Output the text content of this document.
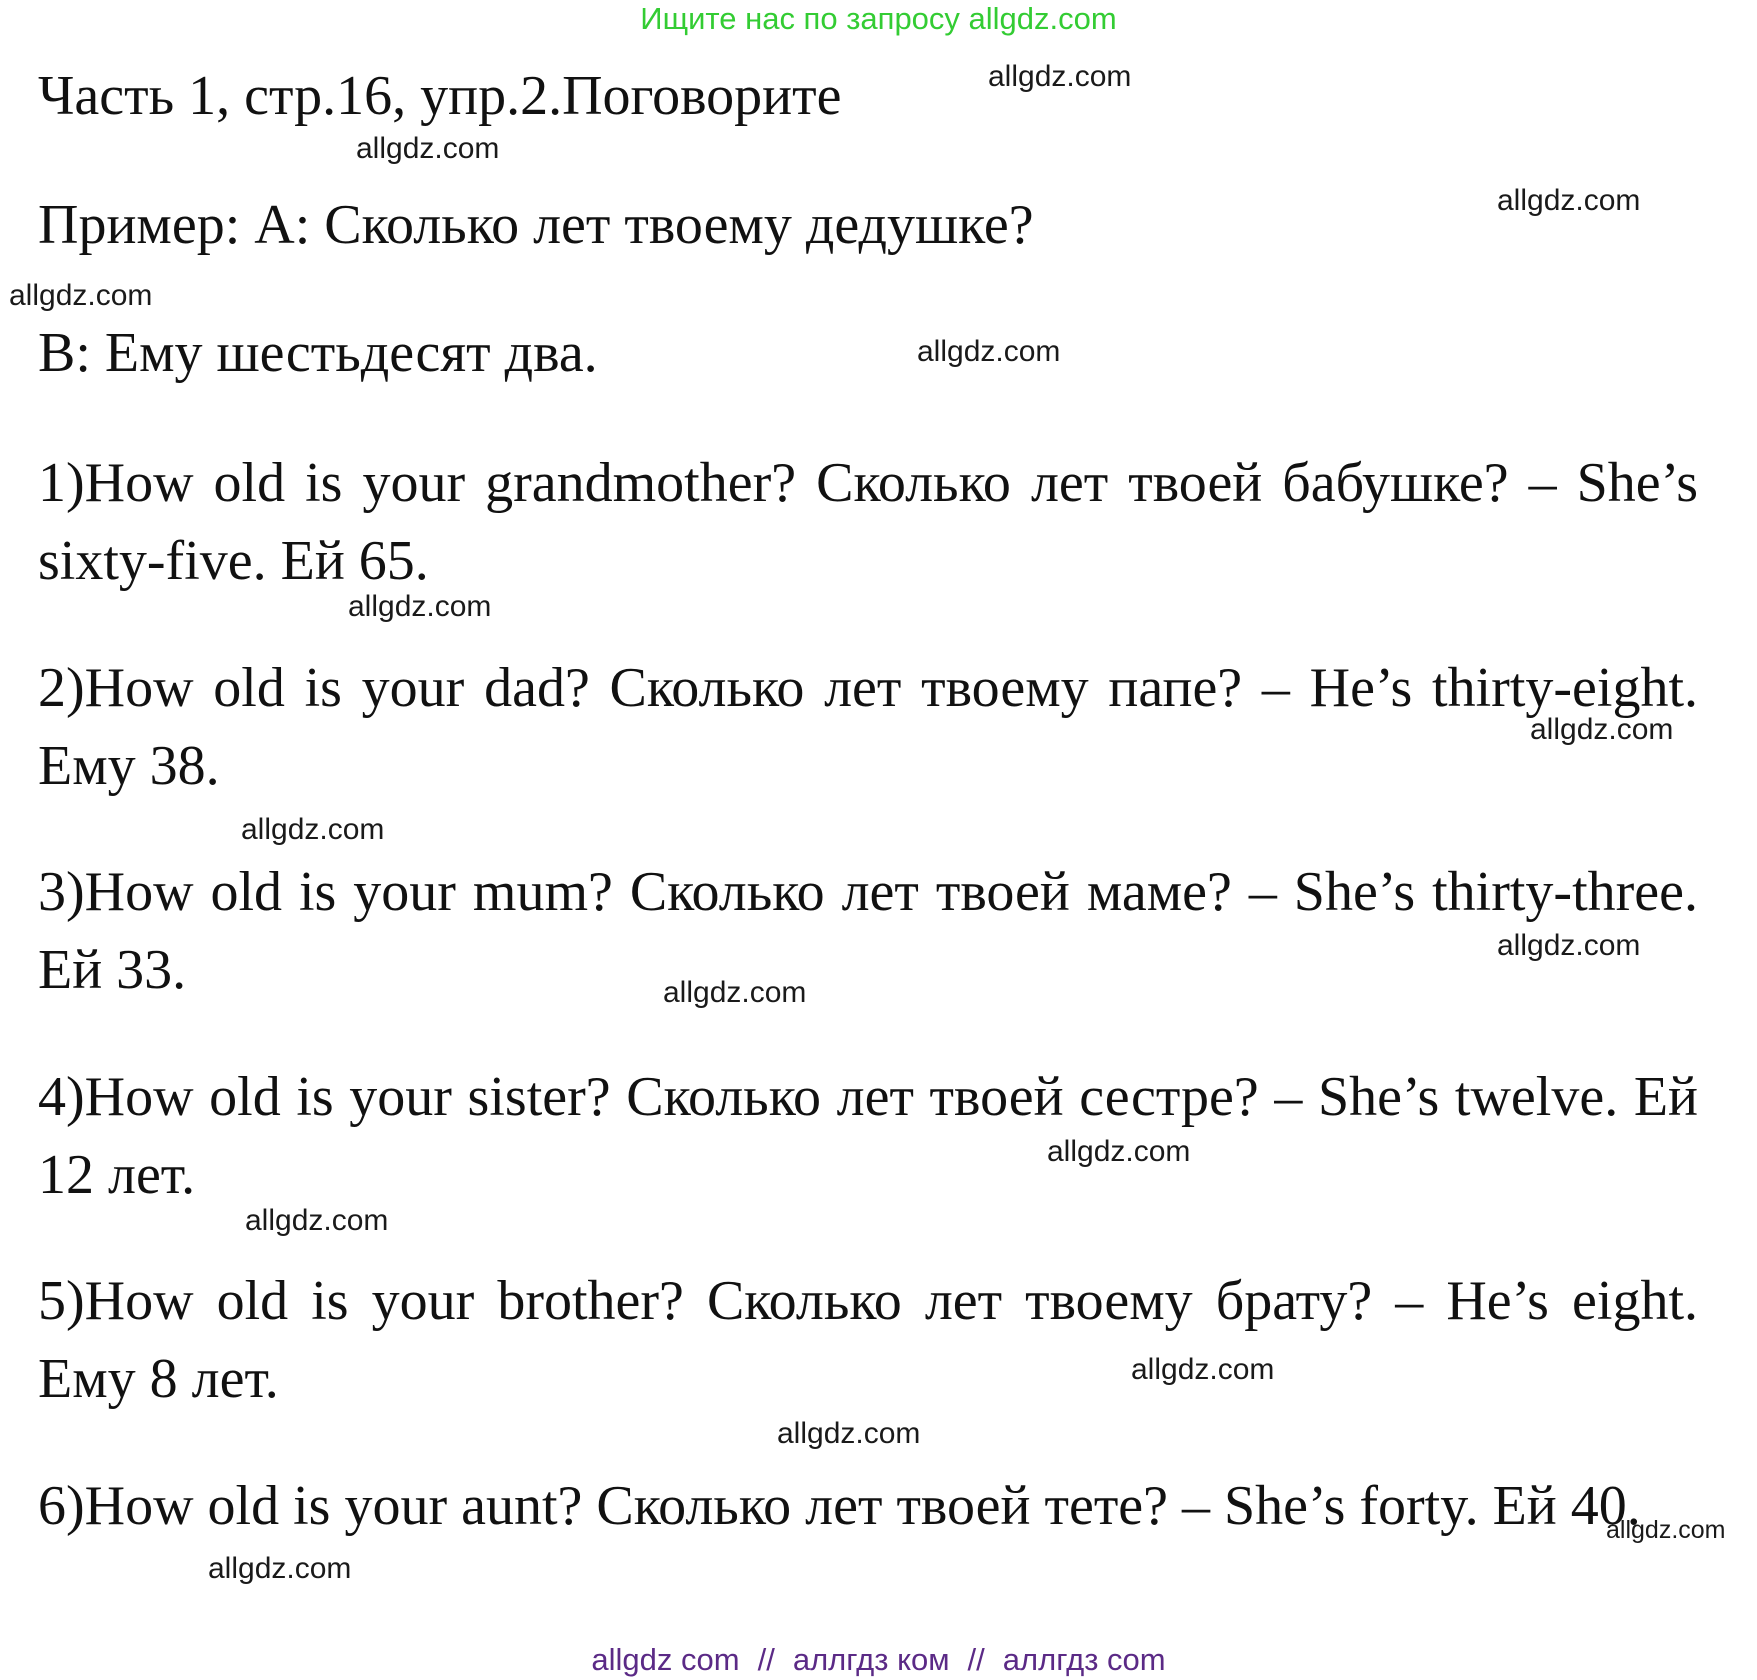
Ищите нас по запросу allgdz.com

Часть 1, стр.16, упр.2.Поговорите

Пример: А: Сколько лет твоему дедушке?

В: Ему шестьдесят два.

1)How old is your grandmother? Сколько лет твоей бабушке? – She’s sixty-five. Ей 65.

2)How old is your dad? Сколько лет твоему папе? – He’s thirty-eight. Ему 38.

3)How old is your mum? Сколько лет твоей маме? – She’s thirty-three. Ей 33.

4)How old is your sister? Сколько лет твоей сестре? – She’s twelve. Ей 12 лет.

5)How old is your brother? Сколько лет твоему брату? – He’s eight. Ему 8 лет.

6)How old is your aunt? Сколько лет твоей тете? – She’s forty. Ей 40.

allgdz.com
allgdz.com
allgdz.com
allgdz.com
allgdz.com
allgdz.com
allgdz.com
allgdz.com
allgdz.com
allgdz.com
allgdz.com
allgdz.com
allgdz.com
allgdz.com
allgdz.com
allgdz.com
allgdz com // аллгдз ком // аллгдз com
